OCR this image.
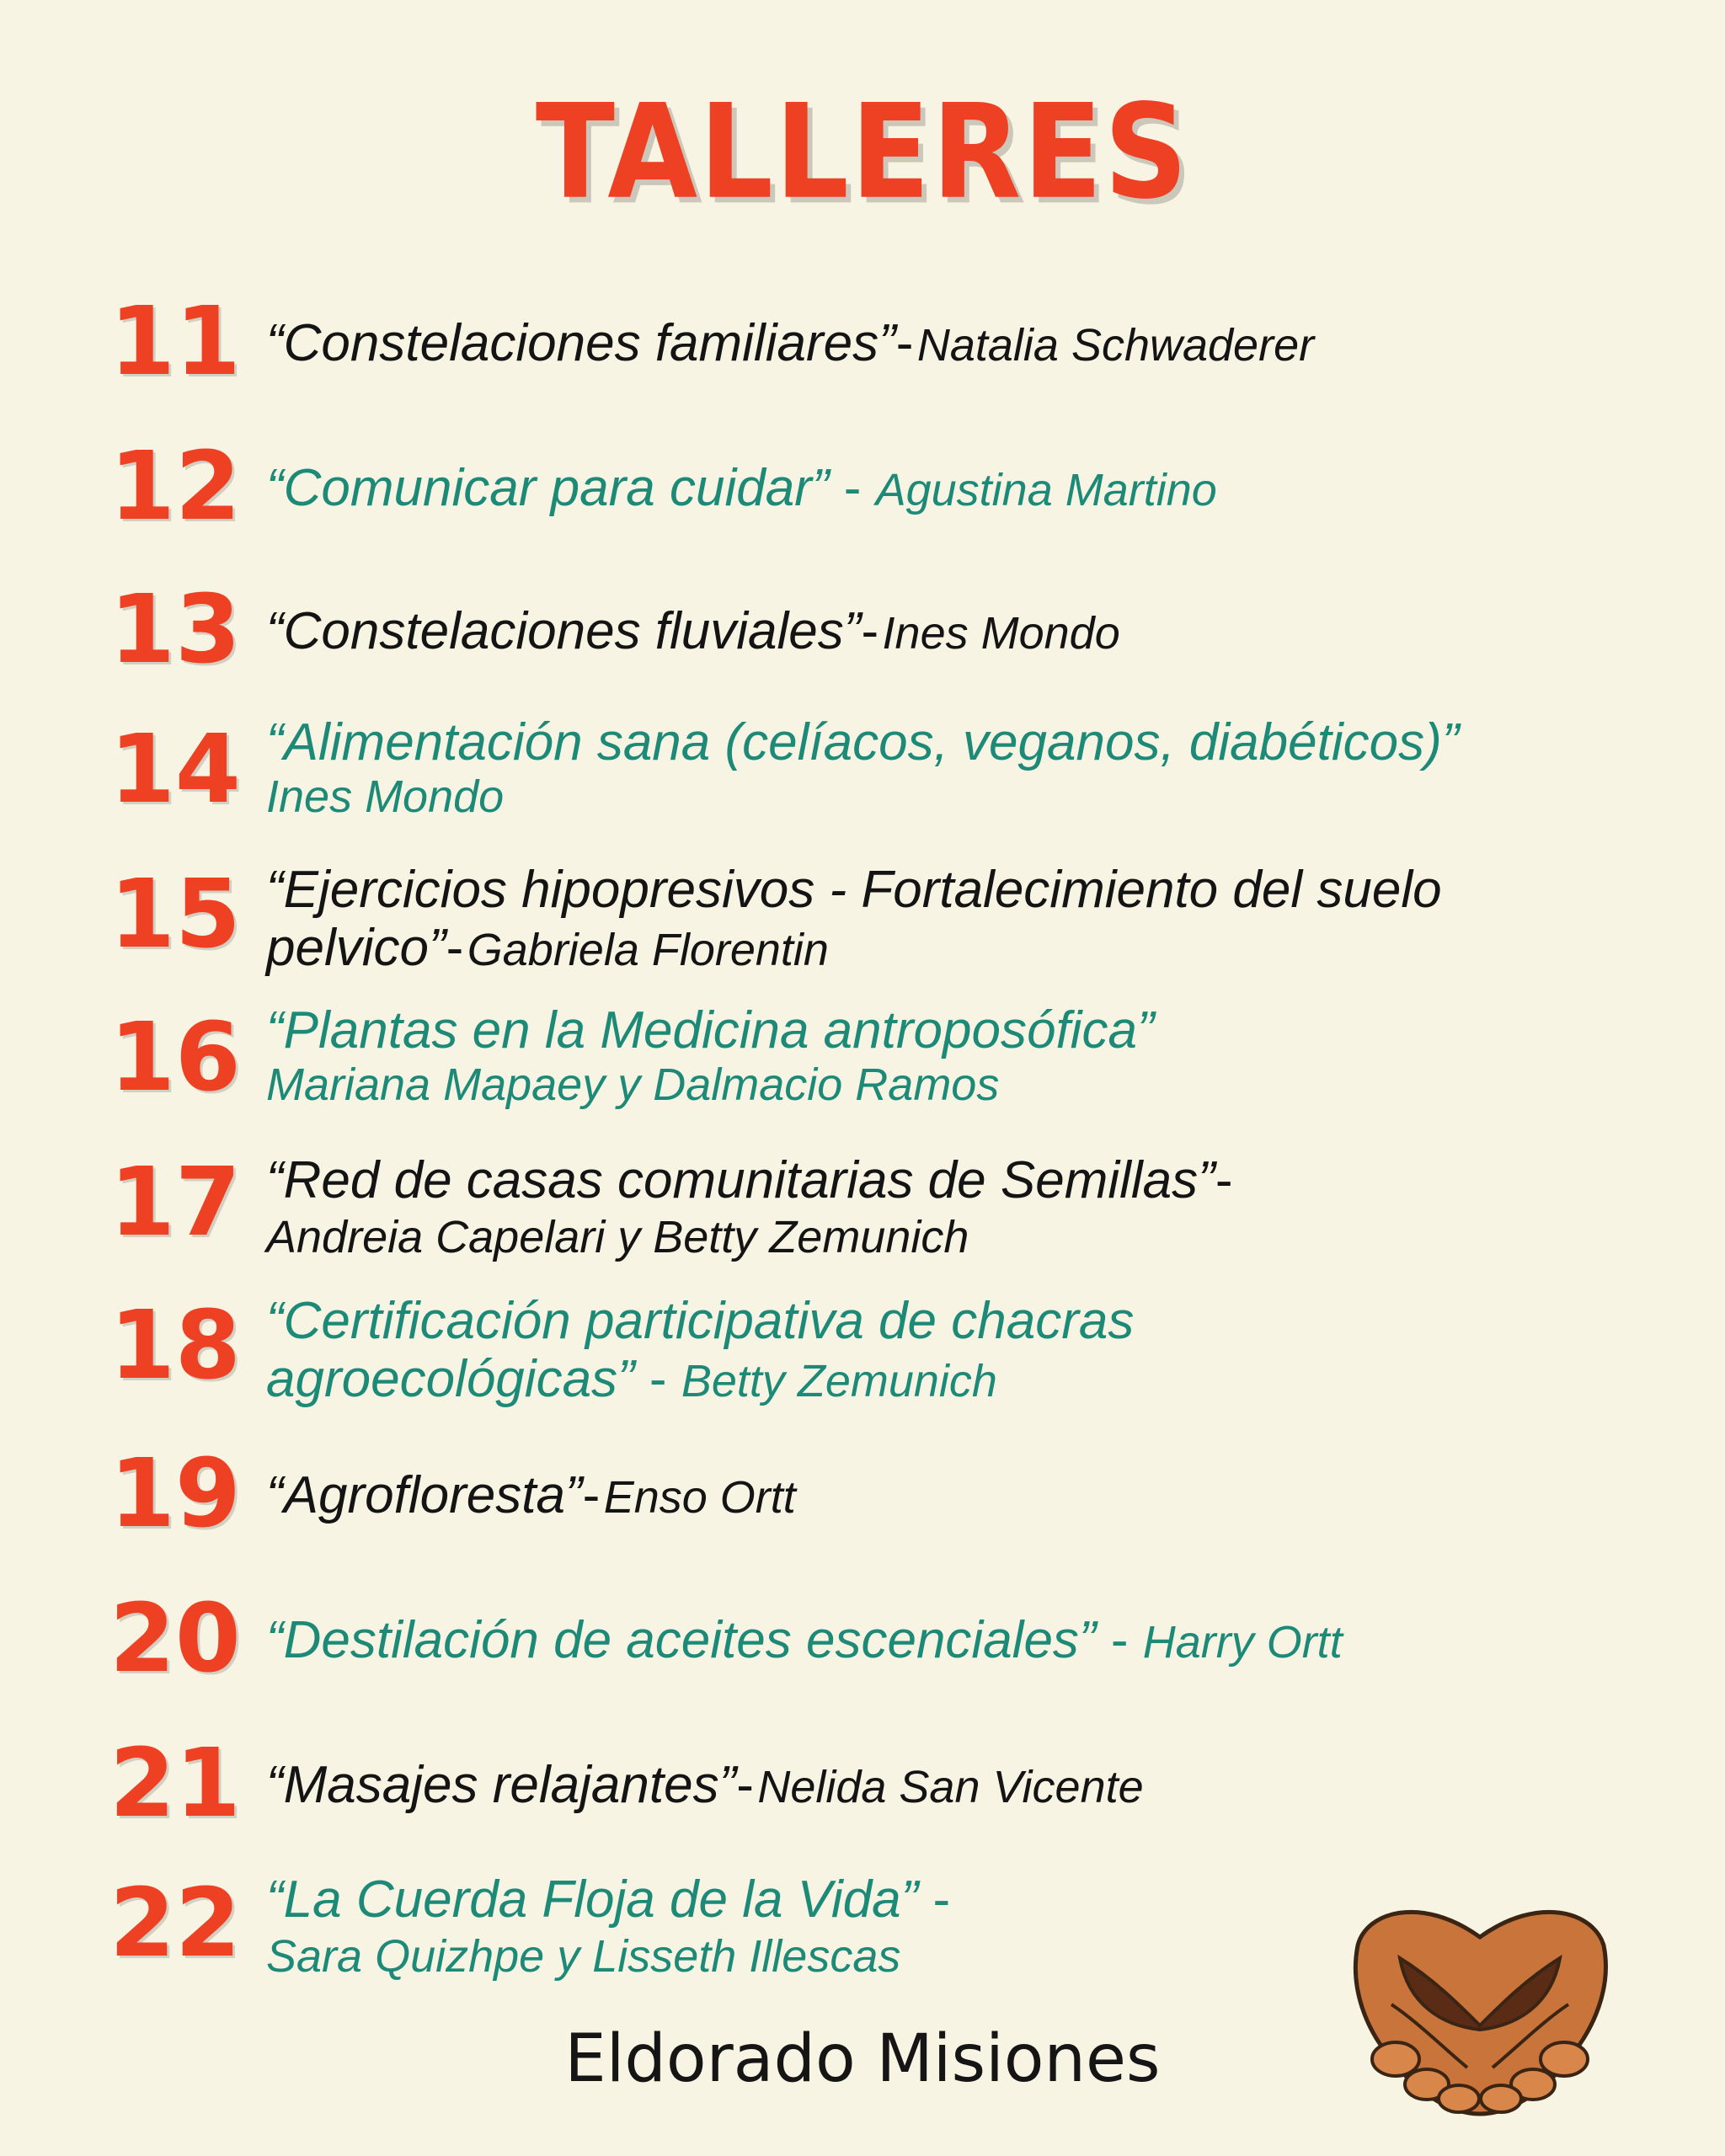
TALLERES
11 “Constelaciones familiares”- Natalia Schwaderer
12 “Comunicar para cuidar” - Agustina Martino
13 “Constelaciones fluviales”- Ines Mondo
14 “Alimentación sana (celíacos, veganos, diabéticos)”
Ines Mondo
15 “Ejercicios hipopresivos - Fortalecimiento del suelo pelvico”- Gabriela Florentin
16 “Plantas en la Medicina antroposófica”
Mariana Mapaey y Dalmacio Ramos
17 “Red de casas comunitarias de Semillas”-
Andreia Capelari y Betty Zemunich
18 “Certificación participativa de chacras agroecológicas” - Betty Zemunich
19 “Agrofloresta”- Enso Ortt
20 “Destilación de aceites escenciales” - Harry Ortt
21 “Masajes relajantes”- Nelida San Vicente
22 “La Cuerda Floja de la Vida” -
Sara Quizhpe y Lisseth Illescas
Eldorado Misiones
